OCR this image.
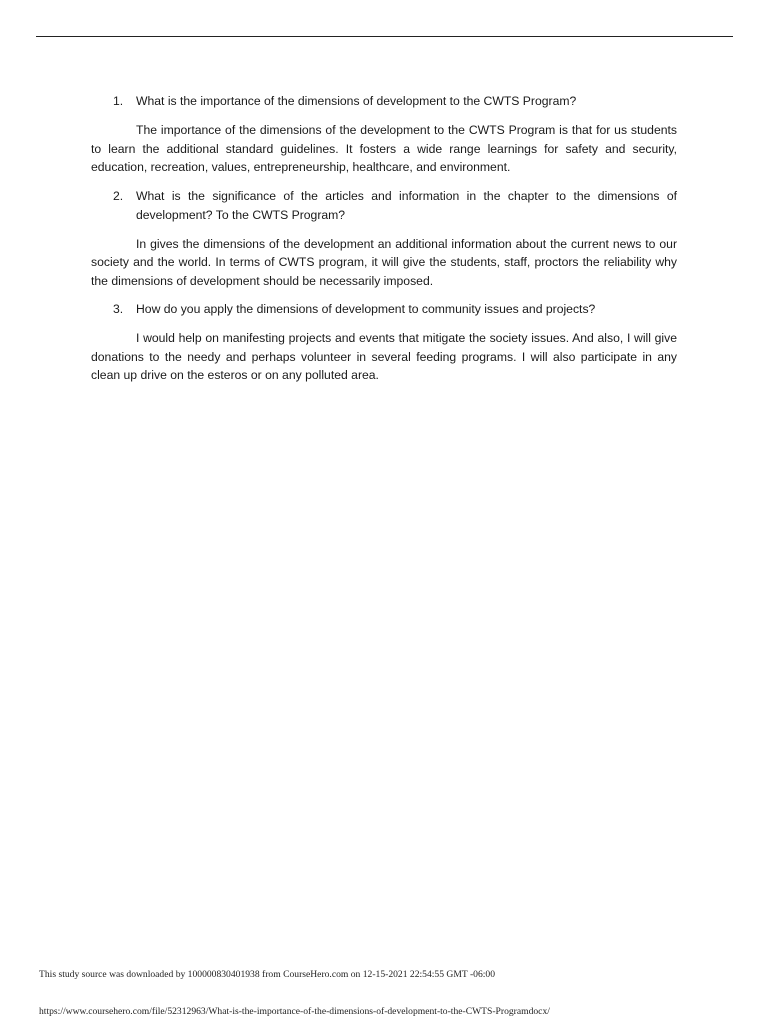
1. What is the importance of the dimensions of development to the CWTS Program?

The importance of the dimensions of the development to the CWTS Program is that for us students to learn the additional standard guidelines. It fosters a wide range learnings for safety and security, education, recreation, values, entrepreneurship, healthcare, and environment.

2. What is the significance of the articles and information in the chapter to the dimensions of development? To the CWTS Program?

In gives the dimensions of the development an additional information about the current news to our society and the world. In terms of CWTS program, it will give the students, staff, proctors the reliability why the dimensions of development should be necessarily imposed.

3. How do you apply the dimensions of development to community issues and projects?

I would help on manifesting projects and events that mitigate the society issues. And also, I will give donations to the needy and perhaps volunteer in several feeding programs. I will also participate in any clean up drive on the esteros or on any polluted area.

This study source was downloaded by 100000830401938 from CourseHero.com on 12-15-2021 22:54:55 GMT -06:00
https://www.coursehero.com/file/52312963/What-is-the-importance-of-the-dimensions-of-development-to-the-CWTS-Programdocx/
